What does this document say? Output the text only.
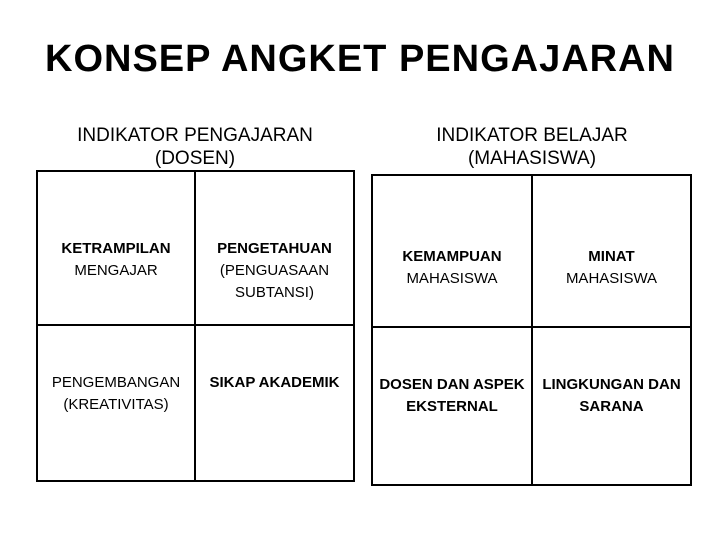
KONSEP ANGKET PENGAJARAN
INDIKATOR PENGAJARAN
(DOSEN)
INDIKATOR BELAJAR
(MAHASISWA)
KETRAMPILAN
MENGAJAR
PENGETAHUAN
(PENGUASAAN
SUBTANSI)
PENGEMBANGAN
(KREATIVITAS)
SIKAP AKADEMIK
KEMAMPUAN
MAHASISWA
MINAT
MAHASISWA
DOSEN DAN ASPEK
EKSTERNAL
LINGKUNGAN DAN
SARANA
